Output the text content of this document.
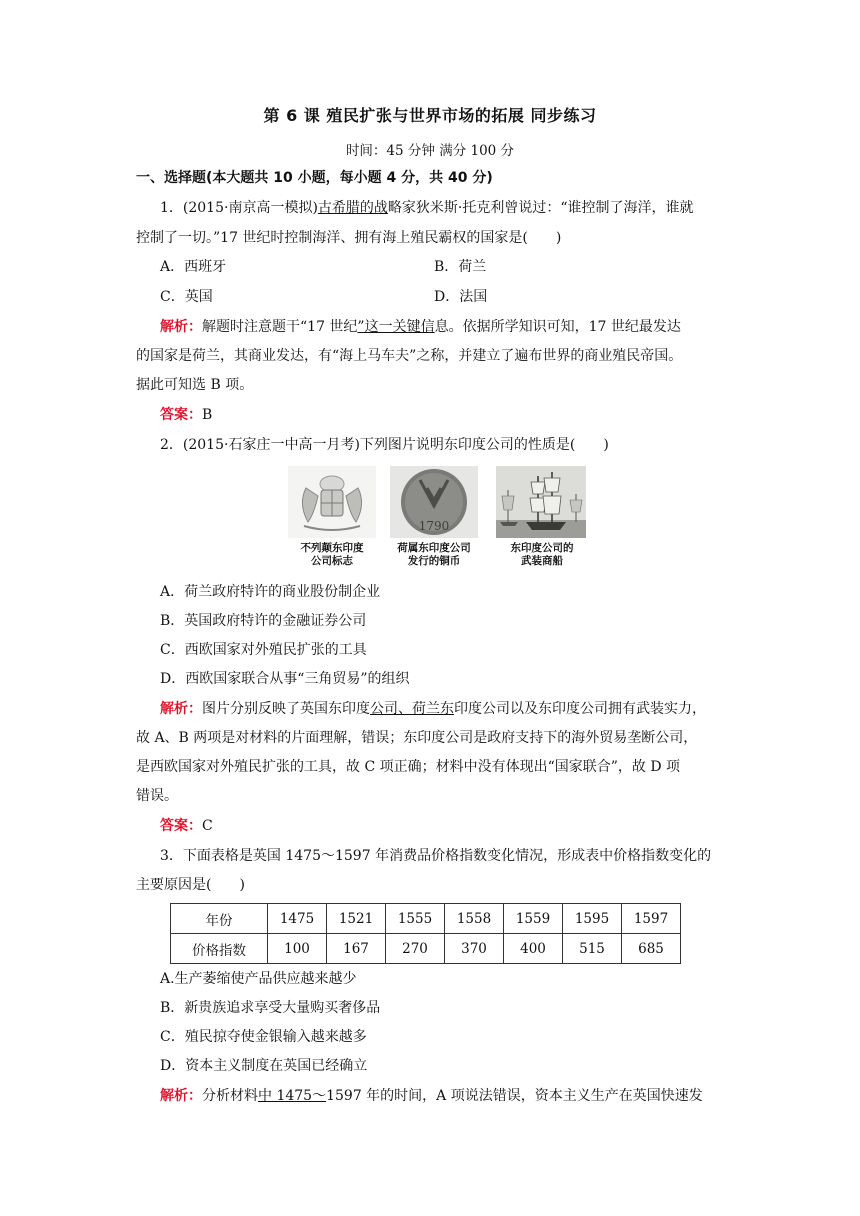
第 6 课 殖民扩张与世界市场的拓展 同步练习
时间：45 分钟 满分 100 分
一、选择题(本大题共 10 小题，每小题 4 分，共 40 分)
1．(2015·南京高一模拟)古希腊的战略家狄米斯·托克利曾说过：“谁控制了海洋，谁就
控制了一切。”17 世纪时控制海洋、拥有海上殖民霸权的国家是(　　)
A．西班牙	B．荷兰
C．英国	D．法国
解析：解题时注意题干“17 世纪”这一关键信息。依据所学知识可知，17 世纪最发达
的国家是荷兰，其商业发达，有“海上马车夫”之称，并建立了遍布世界的商业殖民帝国。
据此可知选 B 项。
答案：B
2．(2015·石家庄一中高一月考)下列图片说明东印度公司的性质是(　　)
1790
不列颠东印度
公司标志
荷属东印度公司
发行的铜币
东印度公司的
武装商船
A．荷兰政府特许的商业股份制企业
B．英国政府特许的金融证券公司
C．西欧国家对外殖民扩张的工具
D．西欧国家联合从事“三角贸易”的组织
解析：图片分别反映了英国东印度公司、荷兰东印度公司以及东印度公司拥有武装实力，
故 A、B 两项是对材料的片面理解，错误；东印度公司是政府支持下的海外贸易垄断公司，
是西欧国家对外殖民扩张的工具，故 C 项正确；材料中没有体现出“国家联合”，故 D 项
错误。
答案：C
3．下面表格是英国 1475～1597 年消费品价格指数变化情况，形成表中价格指数变化的
主要原因是(　　)
年份	1475	1521	1555	1558	1559	1595	1597
价格指数	100	167	270	370	400	515	685
A.生产萎缩使产品供应越来越少
B．新贵族追求享受大量购买奢侈品
C．殖民掠夺使金银输入越来越多
D．资本主义制度在英国已经确立
解析：分析材料中 1475～1597 年的时间，A 项说法错误，资本主义生产在英国快速发
